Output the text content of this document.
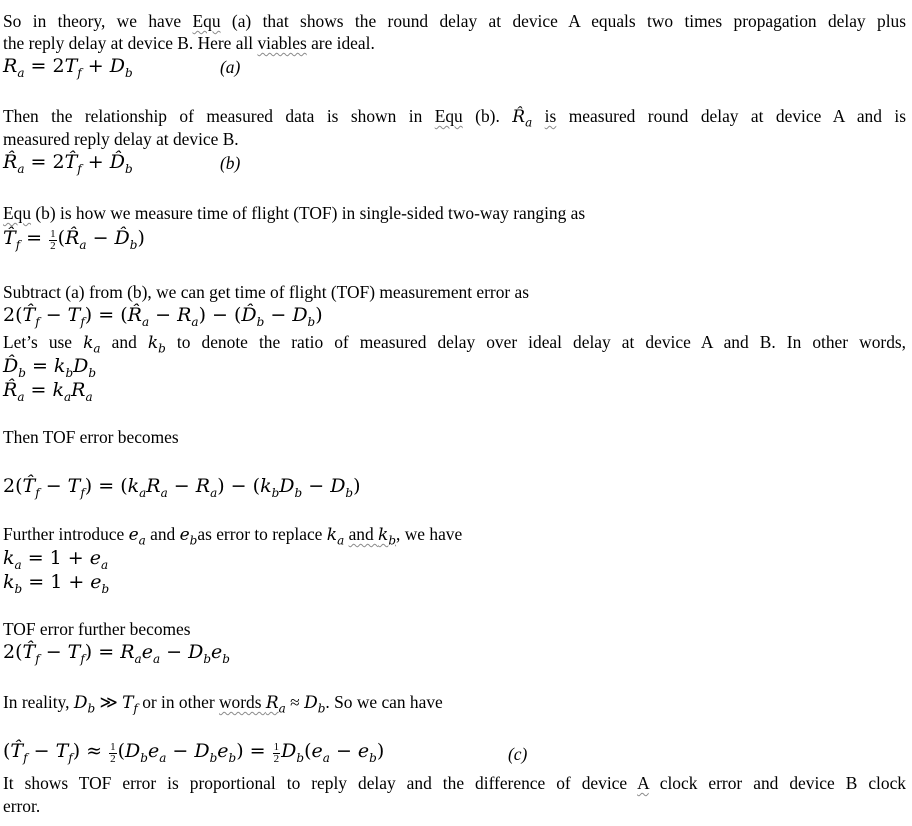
So in theory, we have Equ (a) that shows the round delay at device A equals two times propagation delay plus
the reply delay at device B. Here all viables are ideal.
$R_a = 2T_f + D_b$	(a)
Then the relationship of measured data is shown in Equ (b). $R̂_a$ is measured round delay at device A and is
measured reply delay at device B.
$R̂_a$ = $2T̂_f$ + $D̂_b$	(b)
Equ (b) is how we measure time of flight (TOF) in single-sided two-way ranging as
$T̂_f = \frac{1}{2}$ ($R̂_a$ − $D̂_b$)
Subtract (a) from (b), we can get time of flight (TOF) measurement error as
$2(T̂_f - T_f)$ = $(R̂_a - R_a)$ − $(D̂_b - D_b)$
Let’s use $k_a$ and $k_b$ to denote the ratio of measured delay over ideal delay at device A and B. In other words,
$D̂_b = k_bD_b$
$R̂_a = k_aR_a$
Then TOF error becomes
$2(T̂_f - T_f) = (k_aR_a - R_a) - (k_bD_b - D_b)$
Further introduce $e_a$ and $e_bas$ error to replace $k_a$ and $k_b$, we have
$k_a = 1 + e_a$
$k_b = 1 + e_b$
TOF error further becomes
$2(T̂_f - T_f) = R_ae_a - D_be_b$
In reality, $D_b$ ≫ $T_f$ or in other words $R_a \approx D_b$. So we can have
$(T̂_f - T_f) \approx \frac{1}{2} (D_be_a - D_be_b) = \frac{1}{2} D_b(e_a - e_b)$	(c)
It shows TOF error is proportional to reply delay and the difference of device A clock error and device B clock
error.
